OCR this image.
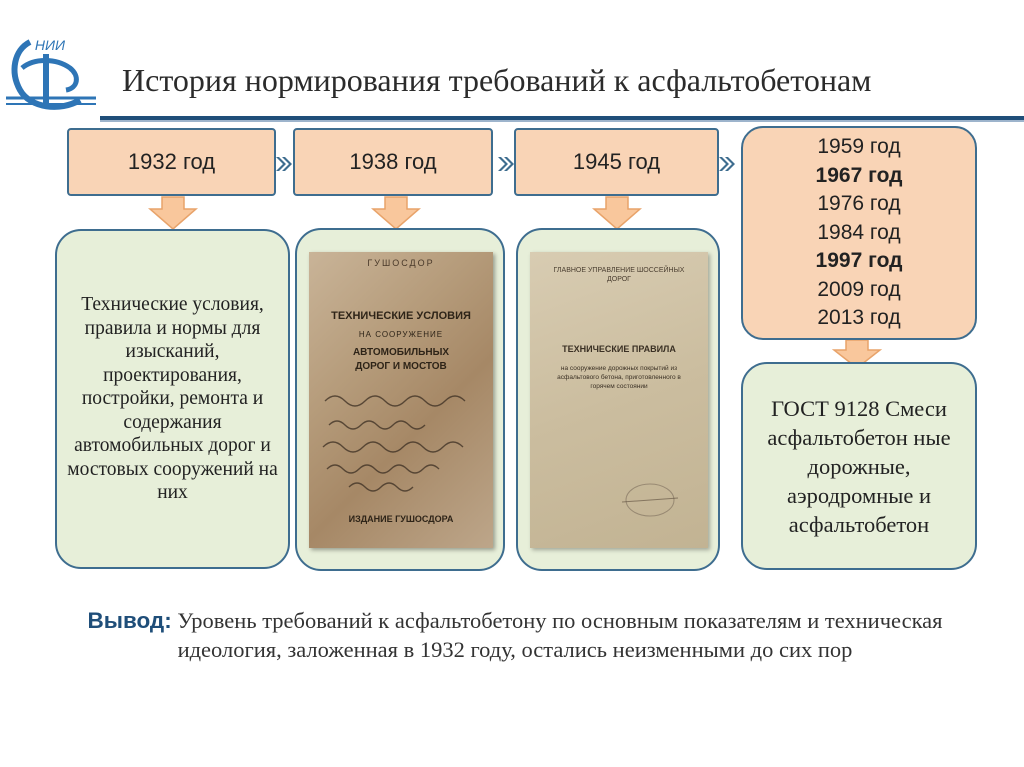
НИИ
История нормирования требований к асфальтобетонам
1932 год	1938 год	1945 год
1959 год
1967 год
1976 год
1984 год
1997 год
2009 год
2013 год
Технические условия, правила и нормы для изысканий, проектирования, постройки, ремонта и содержания автомобильных дорог и мостовых сооружений на них
ГУШОСДОР
ТЕХНИЧЕСКИЕ УСЛОВИЯ
НА СООРУЖЕНИЕ
АВТОМОБИЛЬНЫХ ДОРОГ И МОСТОВ
ИЗДАНИЕ ГУШОСДОРА
ГЛАВНОЕ УПРАВЛЕНИЕ ШОССЕЙНЫХ ДОРОГ
ТЕХНИЧЕСКИЕ ПРАВИЛА
на сооружение дорожных покрытий из асфальтового бетона, приготовленного в горячем состоянии
ГОСТ 9128 Смеси асфальтобетон ные дорожные, аэродромные и асфальтобетон
Вывод: Уровень требований к асфальтобетону по основным показателям и техническая идеология, заложенная в 1932 году, остались неизменными до сих пор
